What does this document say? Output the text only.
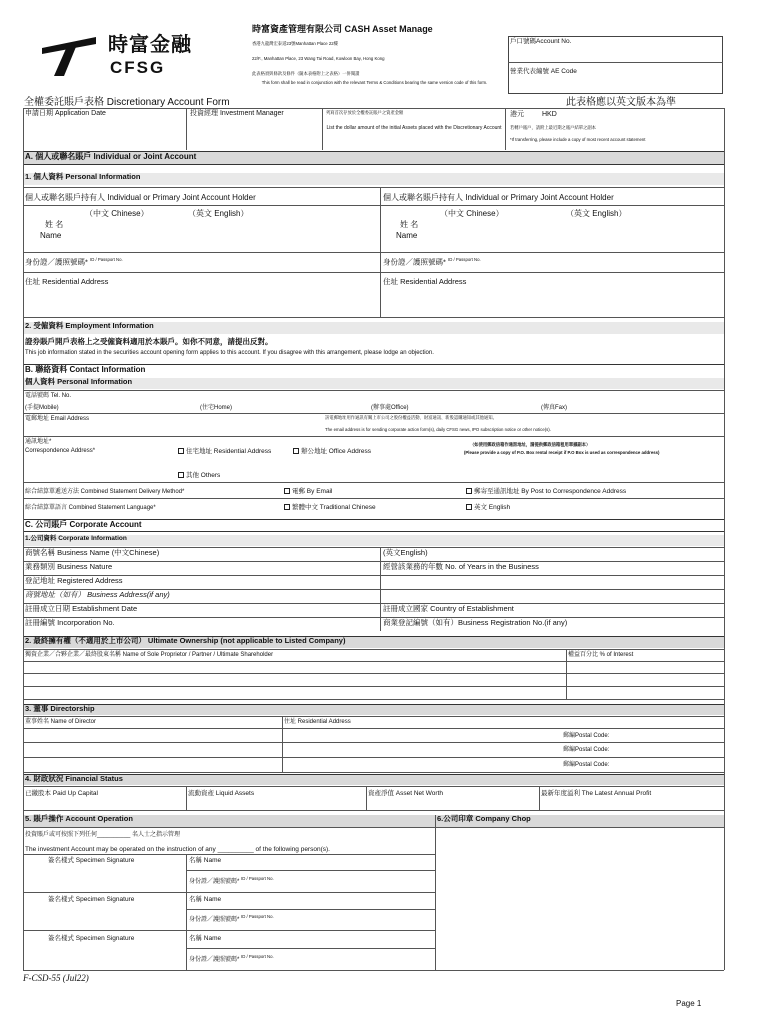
時富金融
CFSG
時富資產管理有限公司 CASH Asset Manage
香港九龍灣宏泰道23號Manhattan Place 22樓
22/F., Manhattan Place, 23 Wang Tai Road, Kowloon Bay, Hong Kong
此表格須與條款及條件（隨本表格附上之表格）一併閱讀
This form shall be read in conjunction with the relevant Terms & Conditions bearing the same version code of this form.
戶口號碼Account No.
營業代表編號 AE Code
全權委託賬戶表格 Discretionary Account Form	此表格應以英文版本為準
申請日期 Application Date	投資經理 Investment Manager	列寫首次存放於全權委託賬戶之資產金額
List the dollar amount of the initial Assets placed with the Discretionary Account
港元	HKD
若轉戶賬戶，請附上最近期之賬戶結單之副本
*If transferring, please include a copy of most recent account statement
A. 個人或聯名賬戶 Individual or Joint Account
1. 個人資料 Personal Information
個人或聯名賬戶持有人 Individual or Primary Joint Account Holder	個人或聯名賬戶持有人 Individual or Primary Joint Account Holder
（中文 Chinese）	（英文 English）
姓 名
Name
（中文 Chinese）	（英文 English）
姓 名
Name
身份證／護照號碼* $^{ID / Passport No.}$	身份證／護照號碼* $^{ID / Passport No.}$
住址 Residential Address	住址 Residential Address
2. 受僱資料 Employment Information
證券賬戶開戶表格上之受僱資料適用於本賬戶。如你不同意，請提出反對。
This job information stated in the securities account opening form applies to this account. If you disagree with this arrangement, please lodge an objection.
B. 聯絡資料 Contact Information
個人資料 Personal Information
電話號碼 Tel. No.
(手提Mobile)	(住宅Home)	(辦事處Office)	(傳真Fax)
電郵地址 Email Address	該電郵地址用作通訊有關上市公司之股份權益活動、財富通訊、新股認購通知或其他通知。
The email address is for sending corporate action form(s), daily CFSG news, IPO subscription notice or other notice(s).
通訊地址*
Correspondence Address*	住宅地址 Residential Address	辦公地址 Office Address
其他 Others
（如使用郵政信箱作通訊地址，請提供郵政信箱租用單據副本）
(Please provide a copy of P.O. Box rental receipt if P.O Box is used as correspondence address)
綜合結算單遞送方法 Combined Statement Delivery Method*	電郵 By Email	郵寄至通訊地址 By Post to Correspondence Address
綜合結算單語言 Combined Statement Language*	繁體中文 Traditional Chinese	英文 English
C. 公司賬戶 Corporate Account
1.公司資料 Corporate Information
商號名稱 Business Name (中文Chinese)	(英文English)
業務類別 Business Nature	經營該業務的年數 No. of Years in the Business
登記地址 Registered Address
商號地址（如有） Business Address(if any)
註冊成立日期 Establishment Date	註冊成立國家 Country of Establishment
註冊編號 Incorporation No.	商業登記編號（如有）Business Registration No.(if any)
2. 最終擁有權（不適用於上市公司） Ultimate Ownership (not applicable to Listed Company)
獨資企業／合夥企業／最終股東名稱 Name of Sole Proprietor / Partner / Ultimate Shareholder	權益百分比 % of Interest
3. 董事 Directorship
董事姓名 Name of Director	住址 Residential Address
郵編Postal Code:
郵編Postal Code:
郵編Postal Code:
4. 財政狀況 Financial Status
已繳股本 Paid Up Capital	流動資產 Liquid Assets	資產淨值 Asset Net Worth	最新年度溢利 The Latest Annual Profit
5. 賬戶操作 Account Operation	6.公司印章 Company Chop
投資賬戶或可按照下列任何__________ 名人士之指示管理
The investment Account may be operated on the instruction of any __________ of the following person(s).
簽名樣式 Specimen Signature	名稱 Name
身份證／護照號碼* $^{ID / Passport No.}$
簽名樣式 Specimen Signature	名稱 Name
身份證／護照號碼* $^{ID / Passport No.}$
簽名樣式 Specimen Signature	名稱 Name
身份證／護照號碼* $^{ID / Passport No.}$
F-CSD-55 (Jul22)
Page 1
